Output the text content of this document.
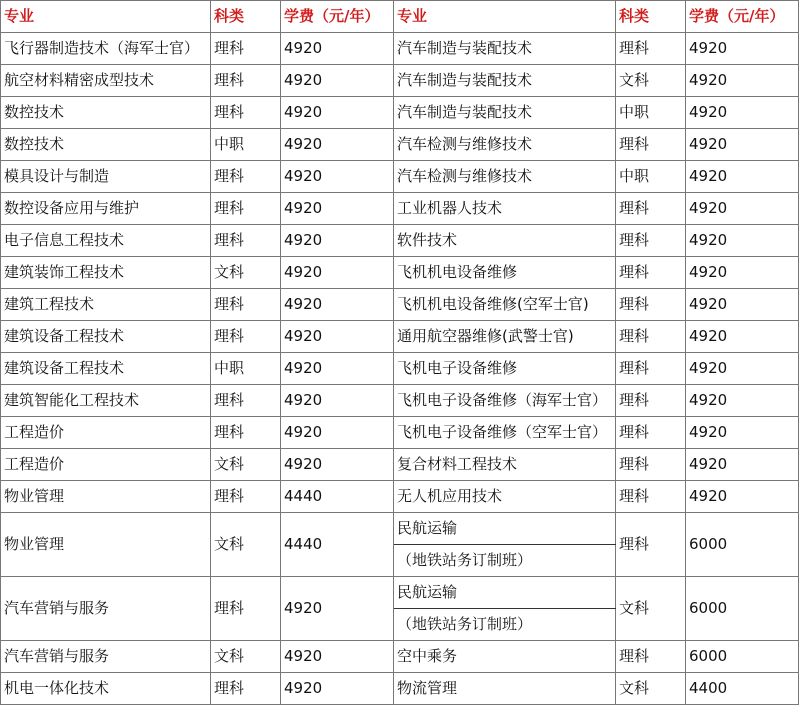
专业	科类	学费（元/年）	专业	科类	学费（元/年）
飞行器制造技术（海军士官）	理科	4920	汽车制造与装配技术	理科	4920
航空材料精密成型技术	理科	4920	汽车制造与装配技术	文科	4920
数控技术	理科	4920	汽车制造与装配技术	中职	4920
数控技术	中职	4920	汽车检测与维修技术	理科	4920
模具设计与制造	理科	4920	汽车检测与维修技术	中职	4920
数控设备应用与维护	理科	4920	工业机器人技术	理科	4920
电子信息工程技术	理科	4920	软件技术	理科	4920
建筑装饰工程技术	文科	4920	飞机机电设备维修	理科	4920
建筑工程技术	理科	4920	飞机机电设备维修(空军士官)	理科	4920
建筑设备工程技术	理科	4920	通用航空器维修(武警士官)	理科	4920
建筑设备工程技术	中职	4920	飞机电子设备维修	理科	4920
建筑智能化工程技术	理科	4920	飞机电子设备维修（海军士官）	理科	4920
工程造价	理科	4920	飞机电子设备维修（空军士官）	理科	4920
工程造价	文科	4920	复合材料工程技术	理科	4920
物业管理	理科	4440	无人机应用技术	理科	4920
物业管理	文科	4440	民航运输	理科	6000
			（地铁站务订制班）		
汽车营销与服务	理科	4920	民航运输	文科	6000
			（地铁站务订制班）		
汽车营销与服务	文科	4920	空中乘务	理科	6000
机电一体化技术	理科	4920	物流管理	文科	4400
